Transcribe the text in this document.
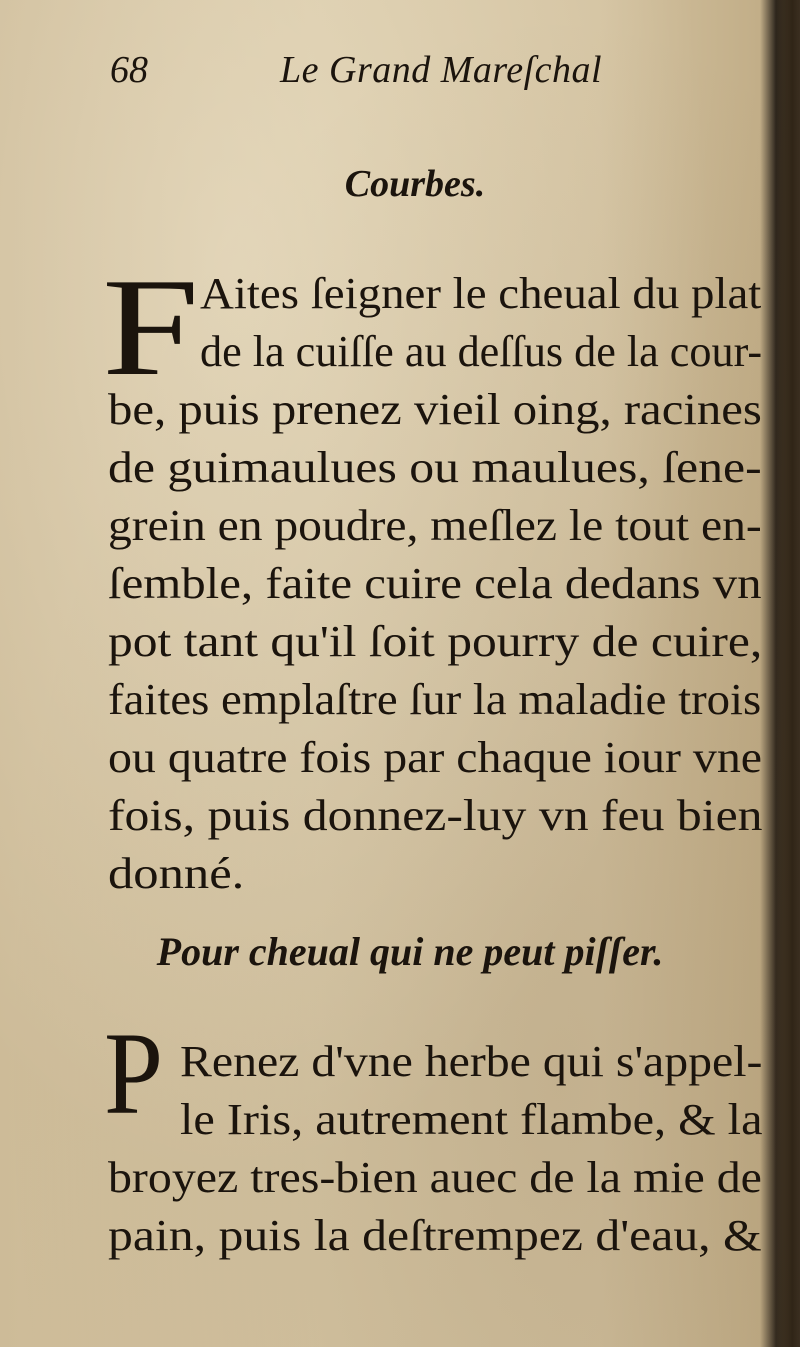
68	Le Grand Mareſchal
Courbes.
F Aites ſeigner le cheual du plat
de la cuiſſe au deſſus de la cour-
be, puis prenez vieil oing, racines
de guimaulues ou maulues, ſene-
grein en poudre, meſlez le tout en-
ſemble, faite cuire cela dedans vn
pot tant qu'il ſoit pourry de cuire,
faites emplaſtre ſur la maladie trois
ou quatre fois par chaque iour vne
fois, puis donnez-luy vn feu bien
donné.
Pour cheual qui ne peut piſſer.
P Renez d'vne herbe qui s'appel-
le Iris, autrement flambe, & la
broyez tres-bien auec de la mie de
pain, puis la deſtrempez d'eau, &
